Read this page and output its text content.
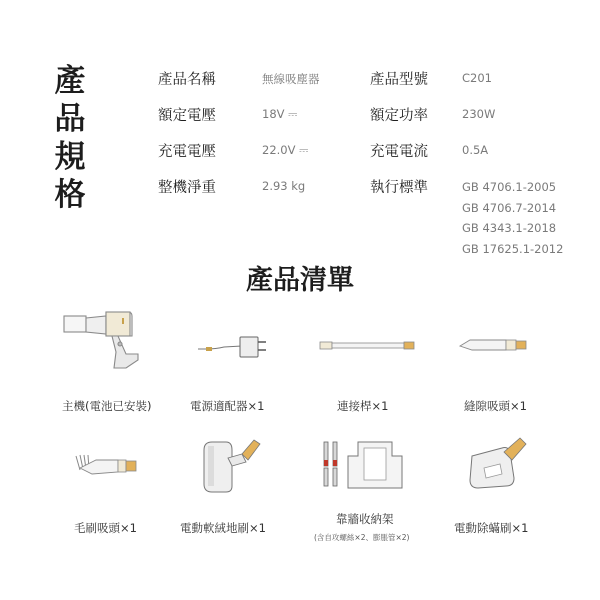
產
品
規
格
產品名稱	無線吸塵器	產品型號	C201
額定電壓	18V ⎓	額定功率	230W
充電電壓	22.0V ⎓	充電電流	0.5A
整機淨重	2.93 kg	執行標準	GB 4706.1-2005
GB 4706.7-2014
GB 4343.1-2018
GB 17625.1-2012
產品清單
主機(電池已安裝)	電源適配器×1	連接桿×1	縫隙吸頭×1
毛刷吸頭×1	電動軟絨地刷×1
靠牆收納架
(含自攻螺絲×2、膨脹管×2)
電動除蟎刷×1
